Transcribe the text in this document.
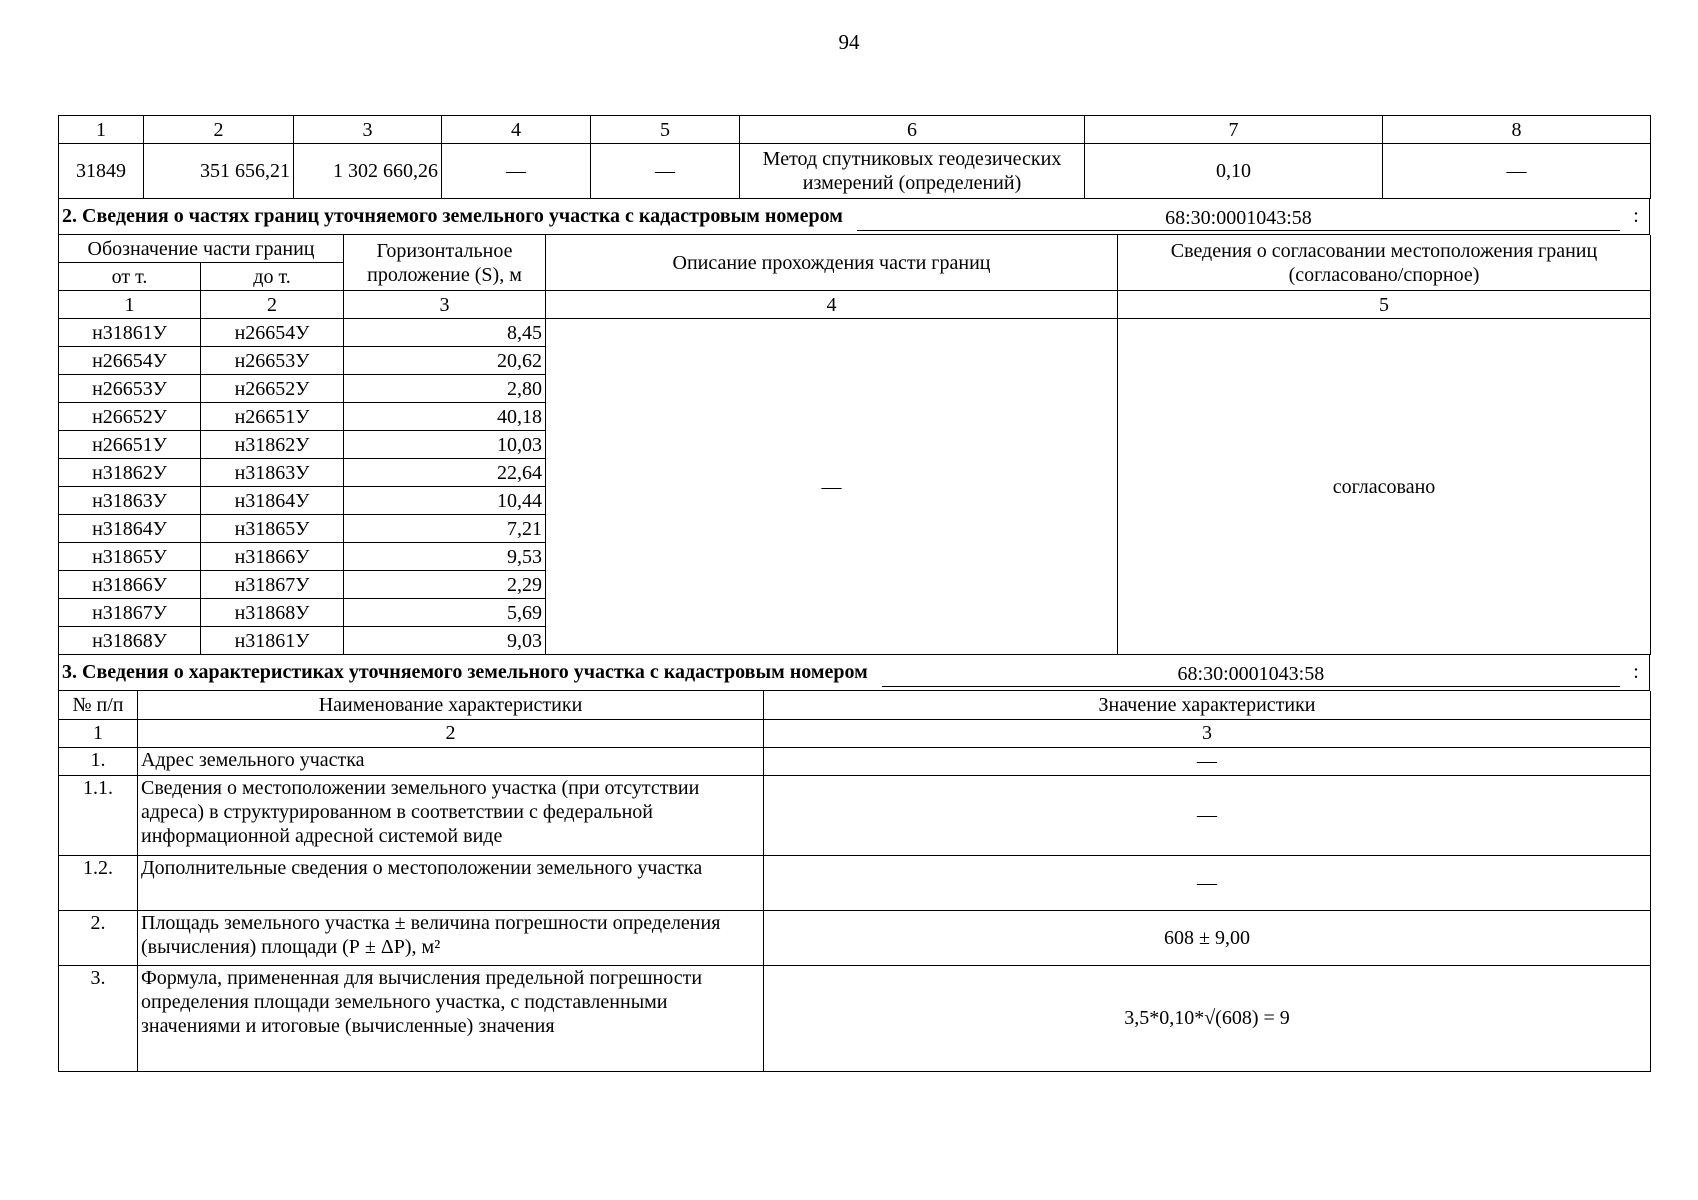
94
1	2	3	4	5	6	7	8
31849	351 656,21	1 302 660,26	—	—	Метод спутниковых геодезических измерений (определений)	0,10	—
2. Сведения о частях границ уточняемого земельного участка с кадастровым номером	68:30:0001043:58	:
Обозначение части границ		Горизонтальное проложение (S), м	Описание прохождения части границ	Сведения о согласовании местоположения границ (согласовано/спорное)
от т.	до т.			
1	2	3	4	5
н31861У	н26654У	8,45	—	согласовано
н26654У	н26653У	20,62		
н26653У	н26652У	2,80		
н26652У	н26651У	40,18		
н26651У	н31862У	10,03		
н31862У	н31863У	22,64		
н31863У	н31864У	10,44		
н31864У	н31865У	7,21		
н31865У	н31866У	9,53		
н31866У	н31867У	2,29		
н31867У	н31868У	5,69		
н31868У	н31861У	9,03		
3. Сведения о характеристиках уточняемого земельного участка с кадастровым номером	68:30:0001043:58	:
№ п/п	Наименование характеристики	Значение характеристики
1	2	3
1.	Адрес земельного участка	—
1.1.	Сведения о местоположении земельного участка (при отсутствии адреса) в структурированном в соответствии с федеральной информационной адресной системой виде	—
1.2.	Дополнительные сведения о местоположении земельного участка	—
2.	Площадь земельного участка ± величина погрешности определения (вычисления) площади (Р ± ΔР), м²	608 ± 9,00
3.	Формула, примененная для вычисления предельной погрешности определения площади земельного участка, с подставленными значениями и итоговые (вычисленные) значения	3,5*0,10*√(608) = 9
